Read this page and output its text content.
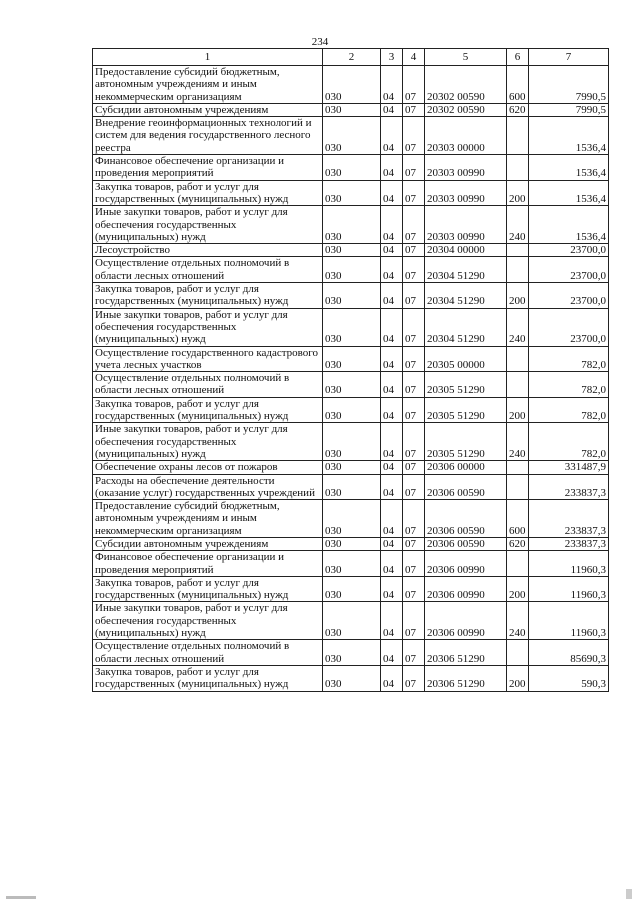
234
1	2	3	4	5	6	7
Предоставление субсидий бюджетным, автономным учреждениям и иным некоммерческим организациям	030	04	07	20302 00590	600	7990,5
Субсидии автономным учреждениям	030	04	07	20302 00590	620	7990,5
Внедрение геоинформационных технологий и систем для ведения государственного лесного реестра	030	04	07	20303 00000		1536,4
Финансовое обеспечение организации и проведения мероприятий	030	04	07	20303 00990		1536,4
Закупка товаров, работ и услуг для государственных (муниципальных) нужд	030	04	07	20303 00990	200	1536,4
Иные закупки товаров, работ и услуг для обеспечения государственных (муниципальных) нужд	030	04	07	20303 00990	240	1536,4
Лесоустройство	030	04	07	20304 00000		23700,0
Осуществление отдельных полномочий в области лесных отношений	030	04	07	20304 51290		23700,0
Закупка товаров, работ и услуг для государственных (муниципальных) нужд	030	04	07	20304 51290	200	23700,0
Иные закупки товаров, работ и услуг для обеспечения государственных (муниципальных) нужд	030	04	07	20304 51290	240	23700,0
Осуществление государственного кадастрового учета лесных участков	030	04	07	20305 00000		782,0
Осуществление отдельных полномочий в области лесных отношений	030	04	07	20305 51290		782,0
Закупка товаров, работ и услуг для государственных (муниципальных) нужд	030	04	07	20305 51290	200	782,0
Иные закупки товаров, работ и услуг для обеспечения государственных (муниципальных) нужд	030	04	07	20305 51290	240	782,0
Обеспечение охраны лесов от пожаров	030	04	07	20306 00000		331487,9
Расходы на обеспечение деятельности (оказание услуг) государственных учреждений	030	04	07	20306 00590		233837,3
Предоставление субсидий бюджетным, автономным учреждениям и иным некоммерческим организациям	030	04	07	20306 00590	600	233837,3
Субсидии автономным учреждениям	030	04	07	20306 00590	620	233837,3
Финансовое обеспечение организации и проведения мероприятий	030	04	07	20306 00990		11960,3
Закупка товаров, работ и услуг для государственных (муниципальных) нужд	030	04	07	20306 00990	200	11960,3
Иные закупки товаров, работ и услуг для обеспечения государственных (муниципальных) нужд	030	04	07	20306 00990	240	11960,3
Осуществление отдельных полномочий в области лесных отношений	030	04	07	20306 51290		85690,3
Закупка товаров, работ и услуг для государственных (муниципальных) нужд	030	04	07	20306 51290	200	590,3
